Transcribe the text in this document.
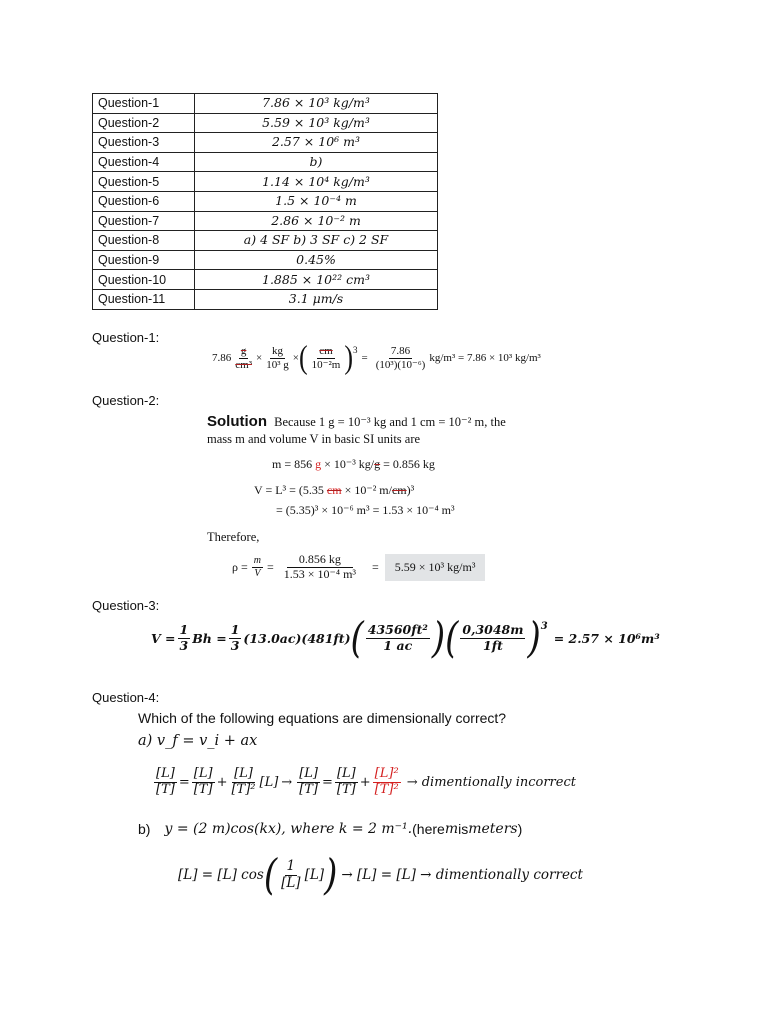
Question-1	7.86 × 10³ kg/m³
Question-2	5.59 × 10³ kg/m³
Question-3	2.57 × 10⁶ m³
Question-4	b)
Question-5	1.14 × 10⁴ kg/m³
Question-6	1.5 × 10⁻⁴ m
Question-7	2.86 × 10⁻² m
Question-8	a) 4 SF b) 3 SF c) 2 SF
Question-9	0.45%
Question-10	1.885 × 10²² cm³
Question-11	3.1 μm/s
Question-1:
$7.86 \frac{g}{\text{cm³}} \times \frac{kg}{\text{10³ g}}$ × ( $\frac{cm}{\text{10⁻²m}} )^3$
= $\frac{7.86}{\text{(10³)(10⁻⁶)}} kg/m^3 = 7.86 \times 10^3$ kg/m³
Question-2:
Solution Because 1 g = 10⁻³ kg and 1 cm = 10⁻² m, the
mass m and volume V in basic SI units are
m = 856 g × 10⁻³ kg/g = 0.856 kg
V = L³ = (5.35 cm × 10⁻² m/cm)³
= (5.35)³ × 10⁻⁶ m³ = 1.53 × 10⁻⁴ m³
Therefore,
$\rho = \frac{m}{V} = \frac{0.856 kg}{\text{1.53 × 10⁻⁴ m³}}$ =	5.59 × 10³ kg/m³
Question-3:
$V = \frac{1}{3}$ $Bh = \frac{1}{3} (13.0ac)(481ft)$ ( $\frac{\text{43560ft²}}{1 ac}$ ) ( $\frac{0,3048m}{1ft} )^3$
= 2.57 × 10⁶m³
Question-4:
Which of the following equations are dimensionally correct?
a) v_f = v_i + ax
$\frac{[L]}{[T]} = \frac{[L]}{[T]} + \frac{[L]}{\text{[T]²}} [L] \to \frac{[L]}{[T]} = \frac{[L]}{[T]} + \frac{\text{[L]²}}{\text{[T]²}}$ → dimentionally incorrect
b) y = (2 m)cos(kx), where k = 2 m⁻¹. (here m is meters )
[L] = [L] cos ( $\frac{1}{[L]} [L]$ ) → [L] = [L] → dimentionally correct
